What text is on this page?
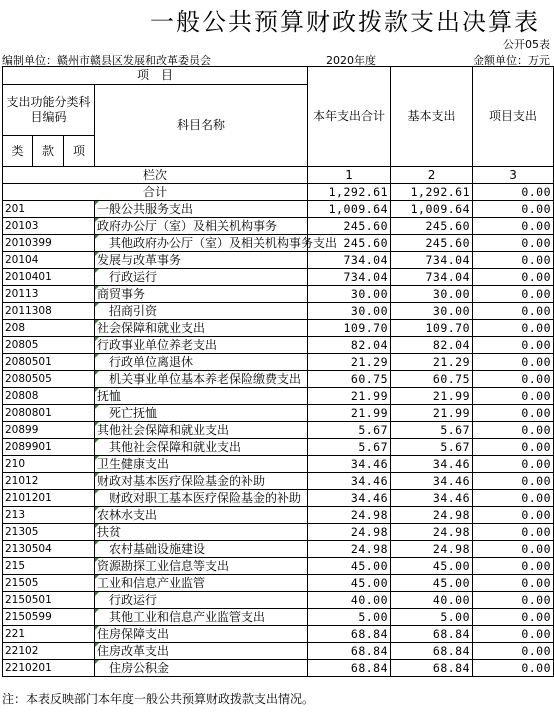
一般公共预算财政拨款支出决算表
公开05表
编制单位：赣州市赣县区发展和改革委员会	2020年度	金额单位：万元
项　目				本年支出合计	基本支出	项目支出
支出功能分类科目编码			科目名称			

类	款	项				
栏次				1	2	3
合计				1,292.61	1,292.61	0.00
201			一般公共服务支出	1,009.64	1,009.64	0.00
20103			政府办公厅（室）及相关机构事务	245.60	245.60	0.00
2010399			其他政府办公厅（室）及相关机构事务支出	245.60	245.60	0.00
20104			发展与改革事务	734.04	734.04	0.00
2010401			行政运行	734.04	734.04	0.00
20113			商贸事务	30.00	30.00	0.00
2011308			招商引资	30.00	30.00	0.00
208			社会保障和就业支出	109.70	109.70	0.00
20805			行政事业单位养老支出	82.04	82.04	0.00
2080501			行政单位离退休	21.29	21.29	0.00
2080505			机关事业单位基本养老保险缴费支出	60.75	60.75	0.00
20808			抚恤	21.99	21.99	0.00
2080801			死亡抚恤	21.99	21.99	0.00
20899			其他社会保障和就业支出	5.67	5.67	0.00
2089901			其他社会保障和就业支出	5.67	5.67	0.00
210			卫生健康支出	34.46	34.46	0.00
21012			财政对基本医疗保险基金的补助	34.46	34.46	0.00
2101201			财政对职工基本医疗保险基金的补助	34.46	34.46	0.00
213			农林水支出	24.98	24.98	0.00
21305			扶贫	24.98	24.98	0.00
2130504			农村基础设施建设	24.98	24.98	0.00
215			资源勘探工业信息等支出	45.00	45.00	0.00
21505			工业和信息产业监管	45.00	45.00	0.00
2150501			行政运行	40.00	40.00	0.00
2150599			其他工业和信息产业监管支出	5.00	5.00	0.00
221			住房保障支出	68.84	68.84	0.00
22102			住房改革支出	68.84	68.84	0.00
2210201			住房公积金	68.84	68.84	0.00
注：本表反映部门本年度一般公共预算财政拨款支出情况。
